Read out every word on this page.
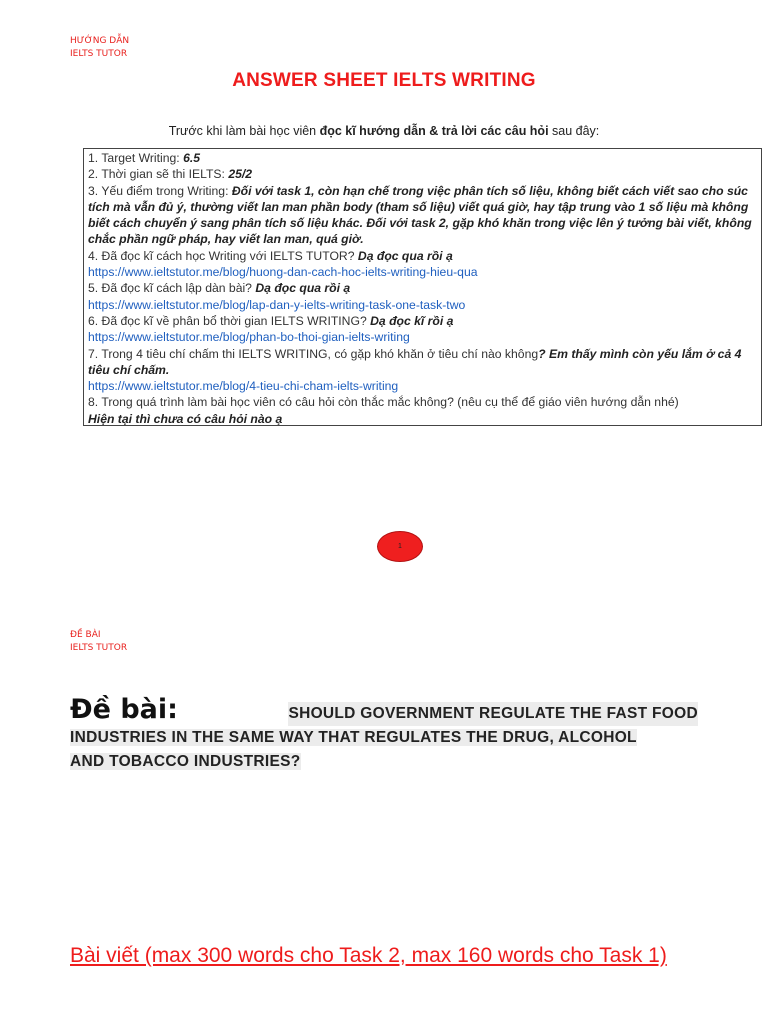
HƯỚNG DẪN
IELTS TUTOR
ANSWER SHEET IELTS WRITING
Trước khi làm bài học viên đọc kĩ hướng dẫn & trả lời các câu hỏi sau đây:
1. Target Writing: 6.5
2. Thời gian sẽ thi IELTS: 25/2
3. Yếu điểm trong Writing: Đối với task 1, còn hạn chế trong việc phân tích số liệu, không biết cách viết sao cho súc tích mà vẫn đủ ý, thường viết lan man phần body (tham số liệu) viết quá giờ, hay tập trung vào 1 số liệu mà không biết cách chuyển ý sang phân tích số liệu khác. Đối với task 2, gặp khó khăn trong việc lên ý tưởng bài viết, không chắc phần ngữ pháp, hay viết lan man, quá giờ.
4. Đã đọc kĩ cách học Writing với IELTS TUTOR? Dạ đọc qua rồi ạ
https://www.ieltstutor.me/blog/huong-dan-cach-hoc-ielts-writing-hieu-qua
5. Đã đọc kĩ cách lập dàn bài? Dạ đọc qua rồi ạ
https://www.ieltstutor.me/blog/lap-dan-y-ielts-writing-task-one-task-two
6. Đã đọc kĩ về phân bổ thời gian IELTS WRITING? Dạ đọc kĩ rồi ạ
https://www.ieltstutor.me/blog/phan-bo-thoi-gian-ielts-writing
7. Trong 4 tiêu chí chấm thi IELTS WRITING, có gặp khó khăn ở tiêu chí nào không? Em thấy mình còn yếu lắm ở cả 4 tiêu chí chấm.
https://www.ieltstutor.me/blog/4-tieu-chi-cham-ielts-writing
8. Trong quá trình làm bài học viên có câu hỏi còn thắc mắc không? (nêu cụ thể để giáo viên hướng dẫn nhé)
Hiện tại thì chưa có câu hỏi nào ạ
1
ĐỀ BÀI
IELTS TUTOR
Đề bài:	SHOULD GOVERNMENT REGULATE THE FAST FOOD
INDUSTRIES IN THE SAME WAY THAT REGULATES THE DRUG, ALCOHOL
AND TOBACCO INDUSTRIES?
Bài viết (max 300 words cho Task 2, max 160 words cho Task 1)
